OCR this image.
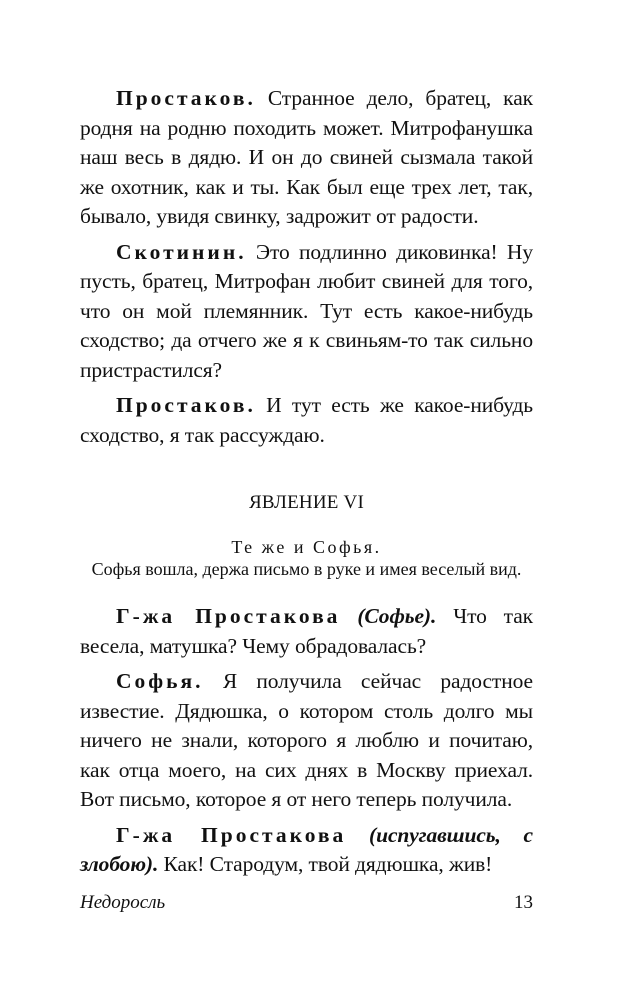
Простаков. Странное дело, братец, как родня на родню походить может. Митрофанушка наш весь в дядю. И он до свиней сызмала такой же охотник, как и ты. Как был еще трех лет, так, бывало, увидя свинку, задрожит от радости.

Скотинин. Это подлинно диковинка! Ну пусть, братец, Митрофан любит свиней для того, что он мой племянник. Тут есть какое-нибудь сходство; да отчего же я к свиньям-то так сильно пристрастился?

Простаков. И тут есть же какое-нибудь сходство, я так рассуждаю.

ЯВЛЕНИЕ VI

Те же и Софья.

Софья вошла, держа письмо в руке и имея веселый вид.

Г-жа Простакова (Софье). Что так весела, матушка? Чему обрадовалась?

Софья. Я получила сейчас радостное известие. Дядюшка, о котором столь долго мы ничего не знали, которого я люблю и почитаю, как отца моего, на сих днях в Москву приехал. Вот письмо, которое я от него теперь получила.

Г-жа Простакова (испугавшись, с злобою). Как! Стародум, твой дядюшка, жив!

Недоросль	13
